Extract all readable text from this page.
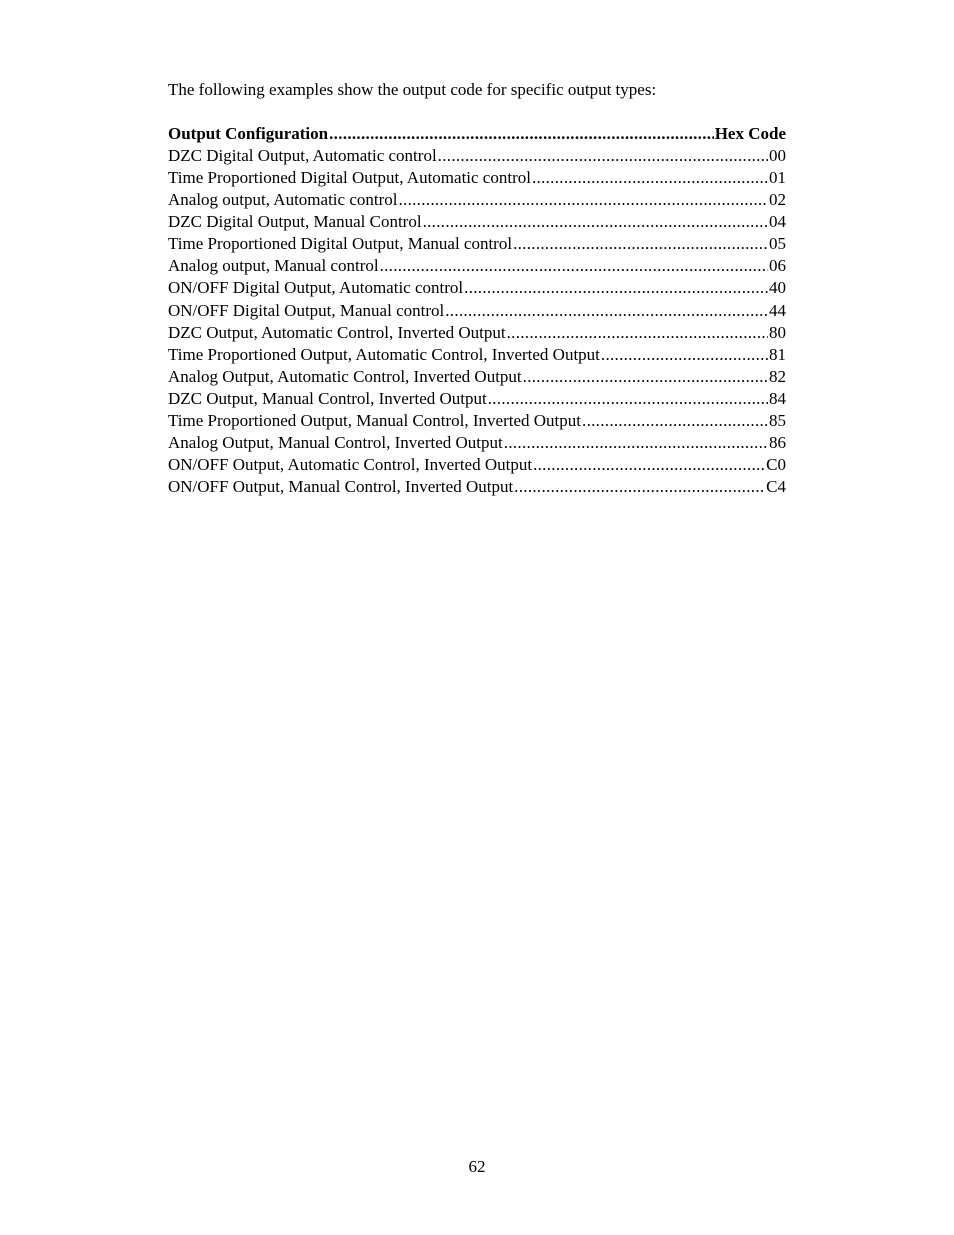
The following examples show the output code for specific output types:
Output Configuration .....	Hex Code
DZC Digital Output, Automatic control .....	00
Time Proportioned Digital Output, Automatic control .....	01
Analog output, Automatic control .....	02
DZC Digital Output, Manual Control .....	04
Time Proportioned Digital Output, Manual control .....	05
Analog output, Manual control .....	06
ON/OFF Digital Output, Automatic control .....	40
ON/OFF Digital Output, Manual control .....	44
DZC Output, Automatic Control, Inverted Output .....	80
Time Proportioned Output, Automatic Control, Inverted Output .....	81
Analog Output, Automatic Control, Inverted Output .....	82
DZC Output, Manual Control, Inverted Output .....	84
Time Proportioned Output, Manual Control, Inverted Output .....	85
Analog Output, Manual Control, Inverted Output .....	86
ON/OFF Output, Automatic Control, Inverted Output .....	C0
ON/OFF Output, Manual Control, Inverted Output .....	C4
62
